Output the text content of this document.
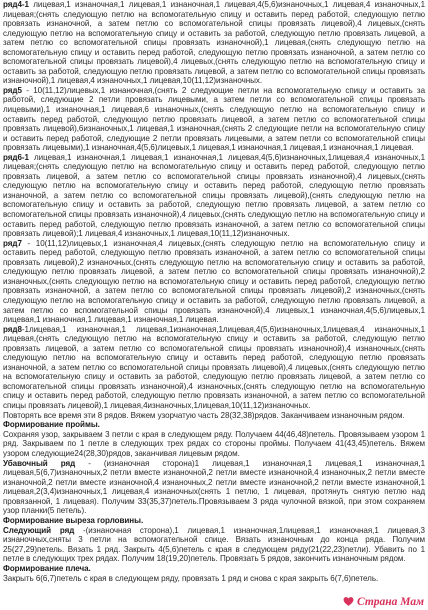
ряд4-1 лицевая,1 изнаночная,1 лицевая,1 изнаночная,1 лицевая,4(5,6)изнаночных,1 лицевая,4 изнаночных,1 лицевая;(снять следующую петлю на вспомогательную спицу и оставить перед работой, следующую петлю провязать изнаночной, а затем петлю со вспомогательной спицы провязать лицевой),4 лицевых,(снять следующую петлю на вспомогательную спицу и оставить за работой, следующую петлю провязать лицевой, а затем петлю со вспомогательной спицы провязать изнаночной),1 лицевая,(снять следующую петлю на вспомогательную спицу и оставить перед работой, следующую петлю провязать изнаночной, а затем петлю со вспомогательной спицы провязать лицевой),4 лицевых,(снять следующую петлю на вспомогательную спицу и оставить за работой, следующую петлю провязать лицевой, а затем петлю со вспомогательной спицы провязать изнаночной),1 лицевая,4 изнаночных,1 лицевая,10(11,12)изнаночных.

ряд5 - 10(11,12)лицевых,1 изнаночная,(снять 2 следующие петли на вспомогательную спицу и оставить за работой, следующие 2 петли провязать лицевыми, а затем петли со вспомогательной спицы провязать лицевыми),1 изнаночная,1 лицевая,6 изнаночных,(снять следующую петлю на вспомогательную спицу и оставить перед работой, следующую петлю провязать лицевой, а затем петлю со вспомогательной спицы провязать лицевой),6изнаночных,1 лицевая,1 изнаночная,(снять 2 следующие петли на вспомогательную спицу и оставить перед работой, следующие 2 петли провязать лицевыми, а затем петли со вспомогательной спицы провязать лицевыми),1 изнаночная,4(5,6)лицевых,1 лицевая,1 изнаночная,1 лицевая,1 изнаночная,1 лицевая.

ряд6-1 лицевая,1 изнаночная,1 лицевая,1 изнаночная,1 лицевая,4(5,6)изнаночных,1лицевая,4 изнаночных,1 лицевая;(снять следующую петлю на вспомогательную спицу и оставить перед работой, следующую петлю провязать лицевой, а затем петлю со вспомогательной спицы провязать изнаночной),4 лицевых,(снять следующую петлю на вспомогательную спицу и оставить перед работой, следующую петлю провязать изнаночной, а затем петлю со вспомогательной спицы провязать лицевой),(снять следующую петлю на вспомогательную спицу и оставить за работой, следующую петлю провязать лицевой, а затем петлю со вспомогательной спицы провязать изнаночной),4 лицевых,(снять следующую петлю на вспомогательную спицу и оставить перед работой, следующую петлю провязать изнаночной, а затем петлю со вспомогательной спицы провязать лицевой);1 лицевая,4 изнаночных,1 лицевая,10(11,12)изнаночных.

ряд7 - 10(11,12)лицевых,1 изнаночная,4 лицевых,(снять следующую петлю на вспомогательную спицу и оставить перед работой, следующую петлю провязать изнаночной, а затем петлю со вспомогательной спицы провязать лицевой),2 изнаночных,(снять следующую петлю на вспомогательную спицу и оставить за работой, следующую петлю провязать лицевой, а затем петлю со вспомогательной спицы провязать изнаночной),2 изнаночных,(снять следующую петлю на вспомогательную спицу и оставить перед работой, следующую петлю провязать изнаночной, а затем петлю со вспомогательной спицы провязать лицевой),2 изнаночных,(снять следующую петлю на вспомогательную спицу и оставить за работой, следующую петлю провязать лицевой, а затем петлю со вспомогательной спицы провязать изнаночной),4 лицевых,1 изнаночная,4(5,6)лицевых,1 лицевая,1 изнаночная,1 лицевая,1 изнаночная,1 лицевая.

ряд8-1лицевая,1 изнаночная,1 лицевая,1изнаночная,1лицевая,4(5,6)изнаночных,1лицевая,4 изнаночных,1 лицевая,(снять следующую петлю на вспомогательную спицу и оставить за работой, следующую петлю провязать лицевой, а затем петлю со вспомогательной спицы провязать изнаночной),4 изнаночных,(снять следующую петлю на вспомогательную спицу и оставить перед работой, следующую петлю провязать изнаночной, а затем петлю со вспомогательной спицы провязать лицевой),4 лицевых,(снять следующую петлю на вспомогательную спицу и оставить за работой, следующую петлю провязать лицевой, а затем петлю со вспомогательной спицы провязать изнаночной),4 изнаночных,(снять следующую петлю на вспомогательную спицу и оставить перед работой, следующую петлю провязать изнаночной, а затем петлю со вспомогательной спицы провязать лицевой),1 лицевая,4изнаночных,1лицевая,10(11,12)изнаночных.

Повторять все время эти 8 рядов. Вяжем узорчатую часть 28(32,38)рядов. Заканчиваем изнаночным рядом.

Формирование проймы.

Сохраняя узор, закрываем 3 петли с края в следующем ряду. Получаем 44(46,48)петель. Провязываем узором 1 ряд. Закрываем по 1 петле в следующих трех рядах со стороны проймы. Получаем 41(43,45)петель. Вяжем узором следующие24(28,30)рядов, заканчивая лицевым рядом.

Убавочный ряд - (изнаночная сторона)1 лицевая,1 изнаночная,1 лицевая,1 изнаночная,1 лицевая,5(6,7)изнаночных,2 петли вместе изнаночной,2 петли вместе изнаночной,4 изнаночных,2 петли вместе изнаночной,2 петли вместе изнаночной,4 изнаночных,2 петли вместе изнаночной,2 петли вместе изнаночной,1 лицевая,2(3,4)изнаночных,1 лицевая,4 изнаночных(снять 1 петлю, 1 лицевая, протянуть снятую петлю над провязанной, 1 лицевая). Получим 33(35,37)петель.Провязываем 3 ряда чулочной вязкой, при этом сохраняем узор планки(5 петель).

Формирование выреза горловины.

Следующий ряд -(изнаночная сторона),1 лицевая,1 изнаночная,1лицевая,1 изнаночная,1 лицевая,3 изнаночных,сняты 3 петли на вспомогательной спице. Вязать изнаночным до конца ряда. Получим 25(27,29)петель. Вязать 1 ряд. Закрыть 4(5,6)петель с края в следующем ряду(21(22,23)петли). Убавить по 1 петле в следующих трех рядах. Получим 18(19,20)петель. Провязать 5 рядов, закончить изнаночным рядом.

Формирование плеча.

Закрыть 6(6,7)петель с края в следующем ряду, провязать 1 ряд и снова с края закрыть 6(7,6)петель.

Страна Мам
